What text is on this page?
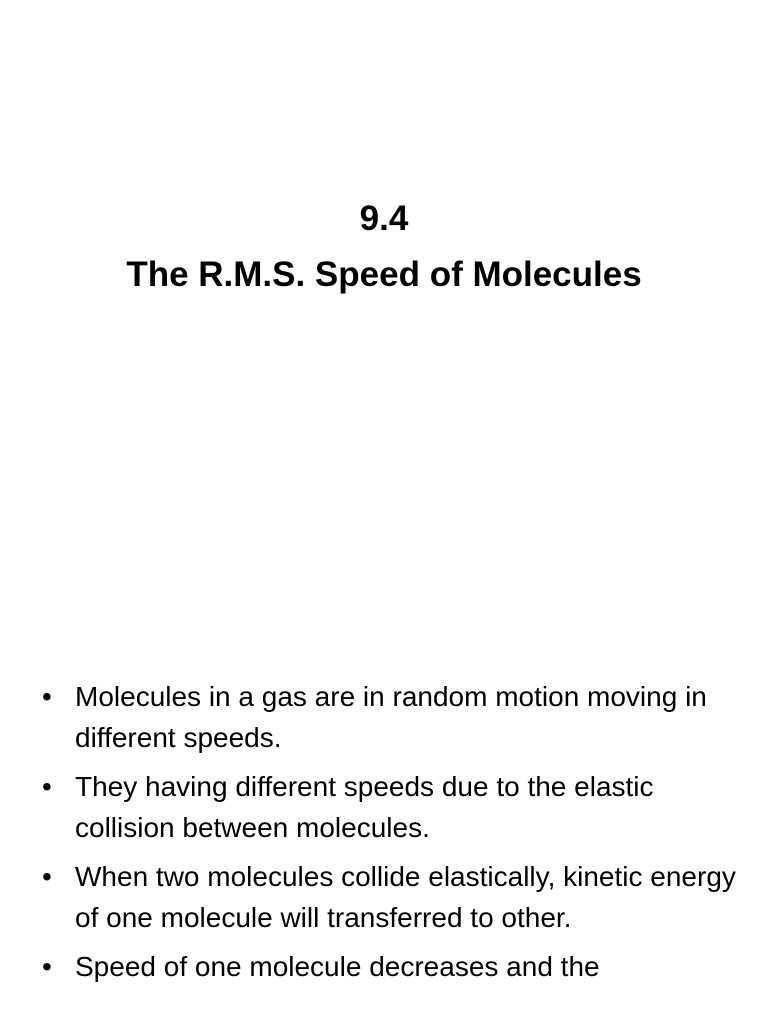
9.4
The R.M.S. Speed of Molecules
• Molecules in a gas are in random motion moving in different speeds.
• They having different speeds due to the elastic collision between molecules.
• When two molecules collide elastically, kinetic energy of one molecule will transferred to other.
• Speed of one molecule decreases and the
